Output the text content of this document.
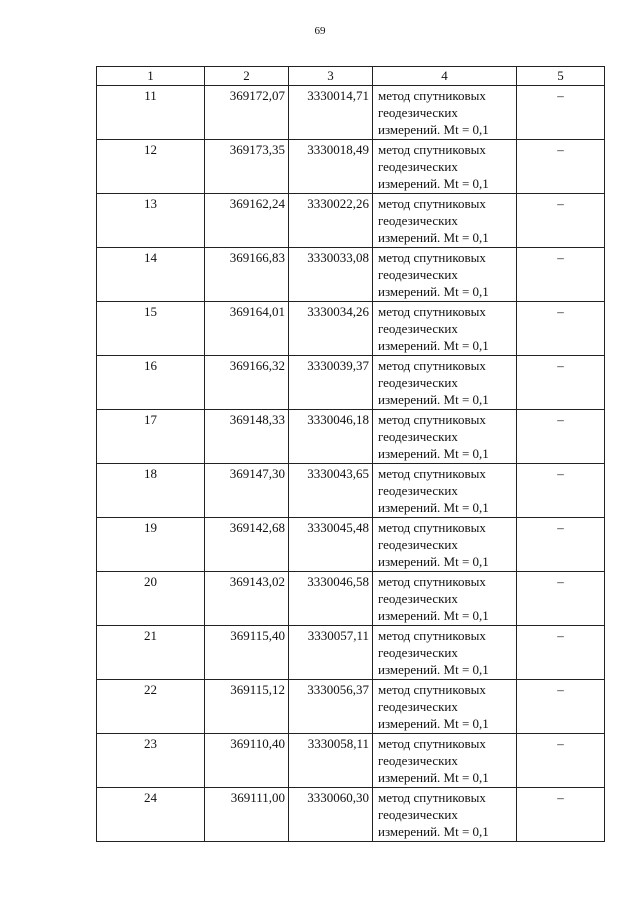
69
1	2	3	4	5
11	369172,07	3330014,71	метод спутниковых
геодезических
измерений. Mt = 0,1	–
12	369173,35	3330018,49	метод спутниковых
геодезических
измерений. Mt = 0,1	–
13	369162,24	3330022,26	метод спутниковых
геодезических
измерений. Mt = 0,1	–
14	369166,83	3330033,08	метод спутниковых
геодезических
измерений. Mt = 0,1	–
15	369164,01	3330034,26	метод спутниковых
геодезических
измерений. Mt = 0,1	–
16	369166,32	3330039,37	метод спутниковых
геодезических
измерений. Mt = 0,1	–
17	369148,33	3330046,18	метод спутниковых
геодезических
измерений. Mt = 0,1	–
18	369147,30	3330043,65	метод спутниковых
геодезических
измерений. Mt = 0,1	–
19	369142,68	3330045,48	метод спутниковых
геодезических
измерений. Mt = 0,1	–
20	369143,02	3330046,58	метод спутниковых
геодезических
измерений. Mt = 0,1	–
21	369115,40	3330057,11	метод спутниковых
геодезических
измерений. Mt = 0,1	–
22	369115,12	3330056,37	метод спутниковых
геодезических
измерений. Mt = 0,1	–
23	369110,40	3330058,11	метод спутниковых
геодезических
измерений. Mt = 0,1	–
24	369111,00	3330060,30	метод спутниковых
геодезических
измерений. Mt = 0,1	–
